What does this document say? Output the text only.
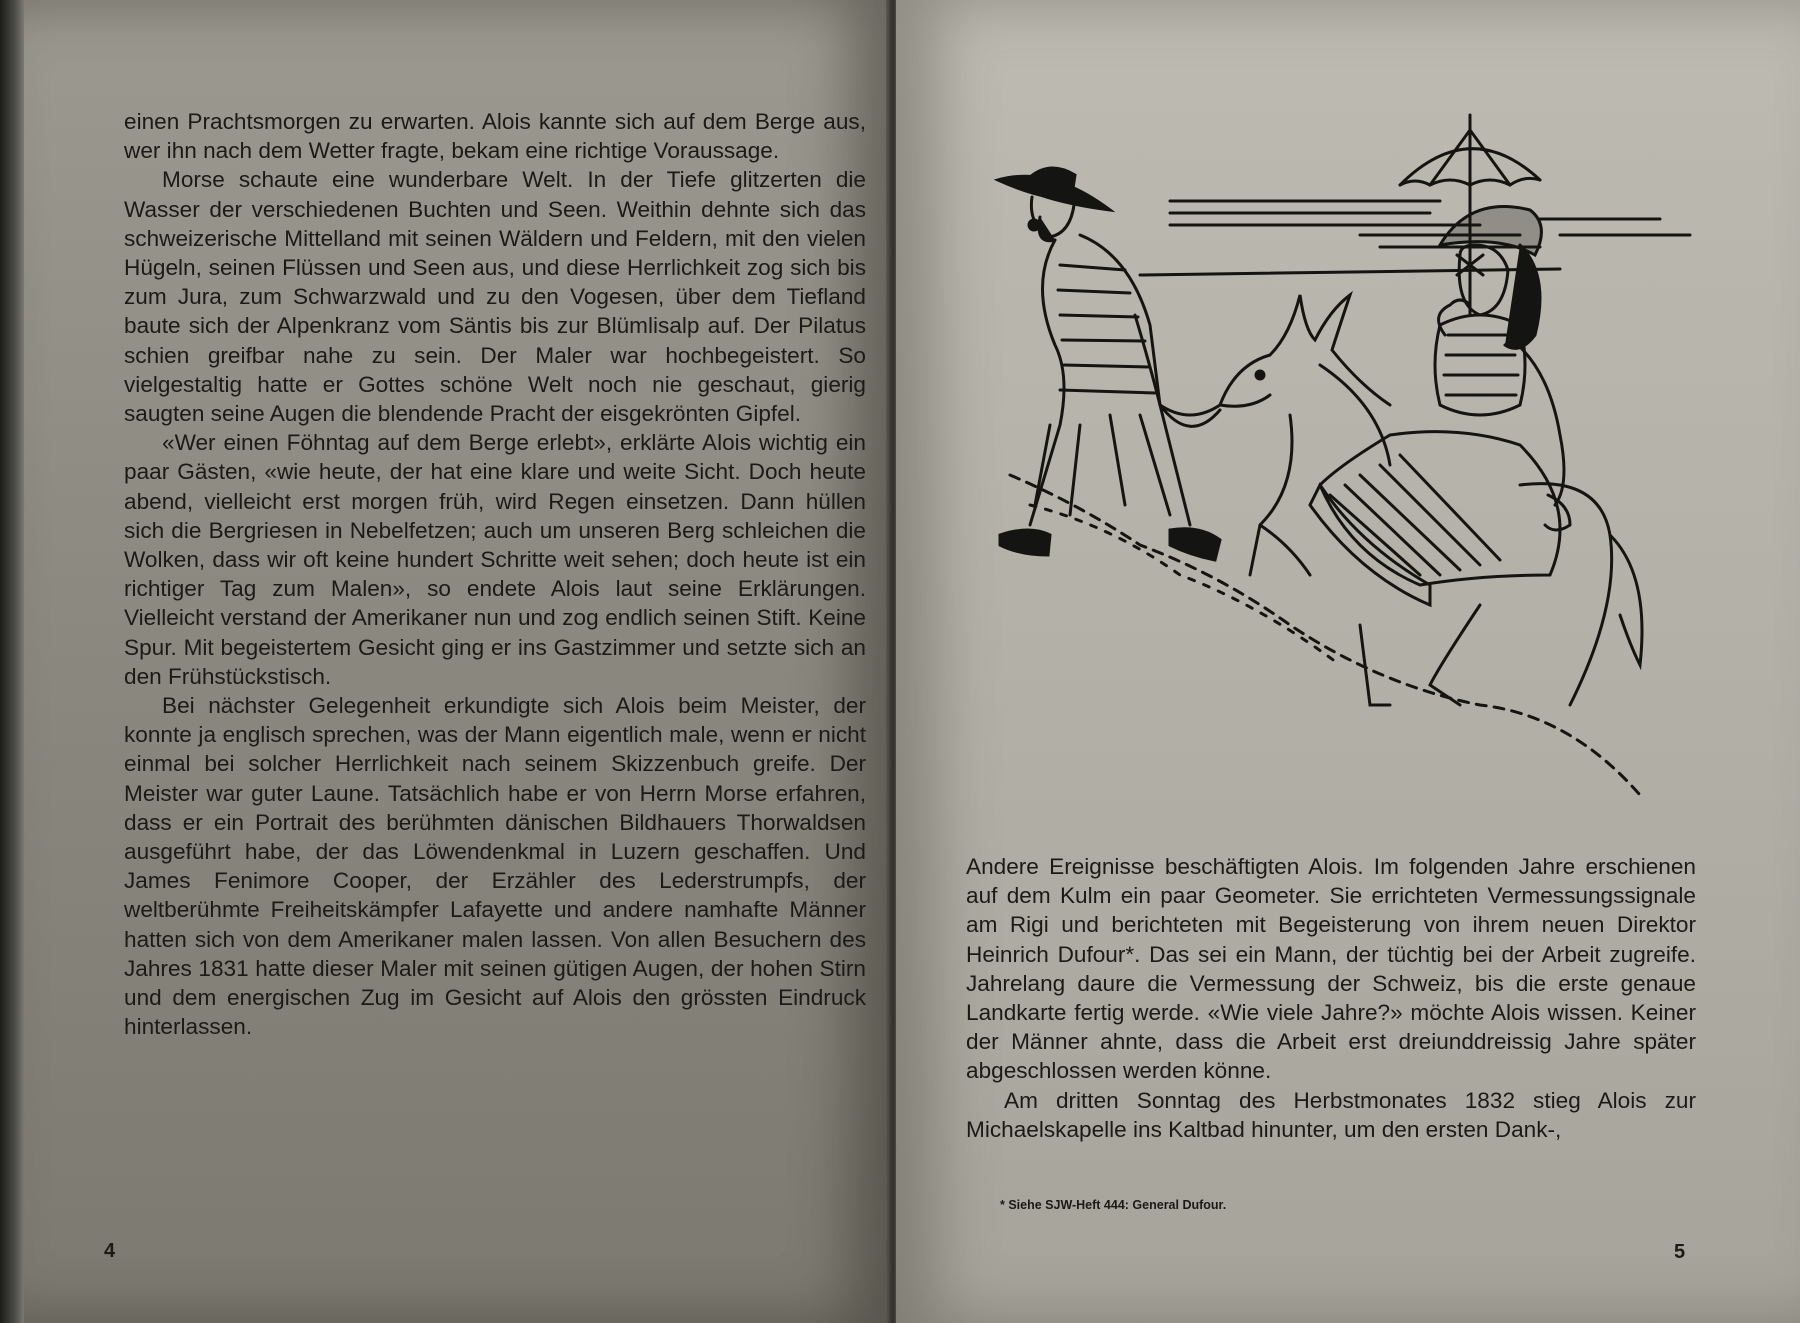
einen Prachtsmorgen zu erwarten. Alois kannte sich auf dem Berge aus, wer ihn nach dem Wetter fragte, bekam eine richtige Voraussage.

Morse schaute eine wunderbare Welt. In der Tiefe glitzerten die Wasser der verschiedenen Buchten und Seen. Weithin dehnte sich das schweizerische Mittelland mit seinen Wäldern und Feldern, mit den vielen Hügeln, seinen Flüssen und Seen aus, und diese Herrlichkeit zog sich bis zum Jura, zum Schwarzwald und zu den Vogesen, über dem Tiefland baute sich der Alpenkranz vom Säntis bis zur Blümlisalp auf. Der Pilatus schien greifbar nahe zu sein. Der Maler war hochbegeistert. So vielgestaltig hatte er Gottes schöne Welt noch nie geschaut, gierig saugten seine Augen die blendende Pracht der eisgekrönten Gipfel.

«Wer einen Föhntag auf dem Berge erlebt», erklärte Alois wichtig ein paar Gästen, «wie heute, der hat eine klare und weite Sicht. Doch heute abend, vielleicht erst morgen früh, wird Regen einsetzen. Dann hüllen sich die Bergriesen in Nebelfetzen; auch um unseren Berg schleichen die Wolken, dass wir oft keine hundert Schritte weit sehen; doch heute ist ein richtiger Tag zum Malen», so endete Alois laut seine Erklärungen. Vielleicht verstand der Amerikaner nun und zog endlich seinen Stift. Keine Spur. Mit begeistertem Gesicht ging er ins Gastzimmer und setzte sich an den Frühstückstisch.

Bei nächster Gelegenheit erkundigte sich Alois beim Meister, der konnte ja englisch sprechen, was der Mann eigentlich male, wenn er nicht einmal bei solcher Herrlichkeit nach seinem Skizzenbuch greife. Der Meister war guter Laune. Tatsächlich habe er von Herrn Morse erfahren, dass er ein Portrait des berühmten dänischen Bildhauers Thorwaldsen ausgeführt habe, der das Löwendenkmal in Luzern geschaffen. Und James Fenimore Cooper, der Erzähler des Lederstrumpfs, der weltberühmte Freiheitskämpfer Lafayette und andere namhafte Männer hatten sich von dem Amerikaner malen lassen. Von allen Besuchern des Jahres 1831 hatte dieser Maler mit seinen gütigen Augen, der hohen Stirn und dem energischen Zug im Gesicht auf Alois den grössten Eindruck hinterlassen.

4

Andere Ereignisse beschäftigten Alois. Im folgenden Jahre erschienen auf dem Kulm ein paar Geometer. Sie errichteten Vermessungssignale am Rigi und berichteten mit Begeisterung von ihrem neuen Direktor Heinrich Dufour*. Das sei ein Mann, der tüchtig bei der Arbeit zugreife. Jahrelang daure die Vermessung der Schweiz, bis die erste genaue Landkarte fertig werde. «Wie viele Jahre?» möchte Alois wissen. Keiner der Männer ahnte, dass die Arbeit erst dreiunddreissig Jahre später abgeschlossen werden könne.

Am dritten Sonntag des Herbstmonates 1832 stieg Alois zur Michaelskapelle ins Kaltbad hinunter, um den ersten Dank-,

* Siehe SJW-Heft 444: General Dufour.
5
